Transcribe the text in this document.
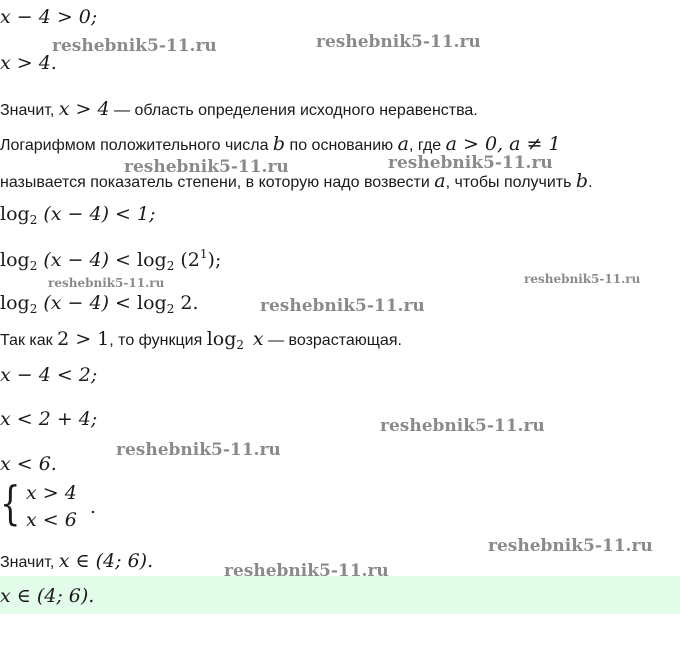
x − 4 > 0;
x > 4.
Значит, x > 4 — область определения исходного неравенства.
Логарифмом положительного числа b по основанию a, где a > 0, a ≠ 1
называется показатель степени, в которую надо возвести a, чтобы получить b.
$\log_2 (x - 4) < 1$;
$\log_2 (x - 4) < \log_2 (2^1)$;
$\log_2 (x - 4) < \log_2 2$.
Так как 2 > 1, то функция $\log_2 x$ — возрастающая.
x − 4 < 2;
x < 2 + 4;
x < 6.
{ x > 4
x < 6
.
Значит, x ∈ (4; 6).
x ∈ (4; 6).
reshebnik5-11.ru	reshebnik5-11.ru
reshebnik5-11.ru	reshebnik5-11.ru
reshebnik5-11.ru	reshebnik5-11.ru
reshebnik5-11.ru
reshebnik5-11.ru
reshebnik5-11.ru
reshebnik5-11.ru
reshebnik5-11.ru
